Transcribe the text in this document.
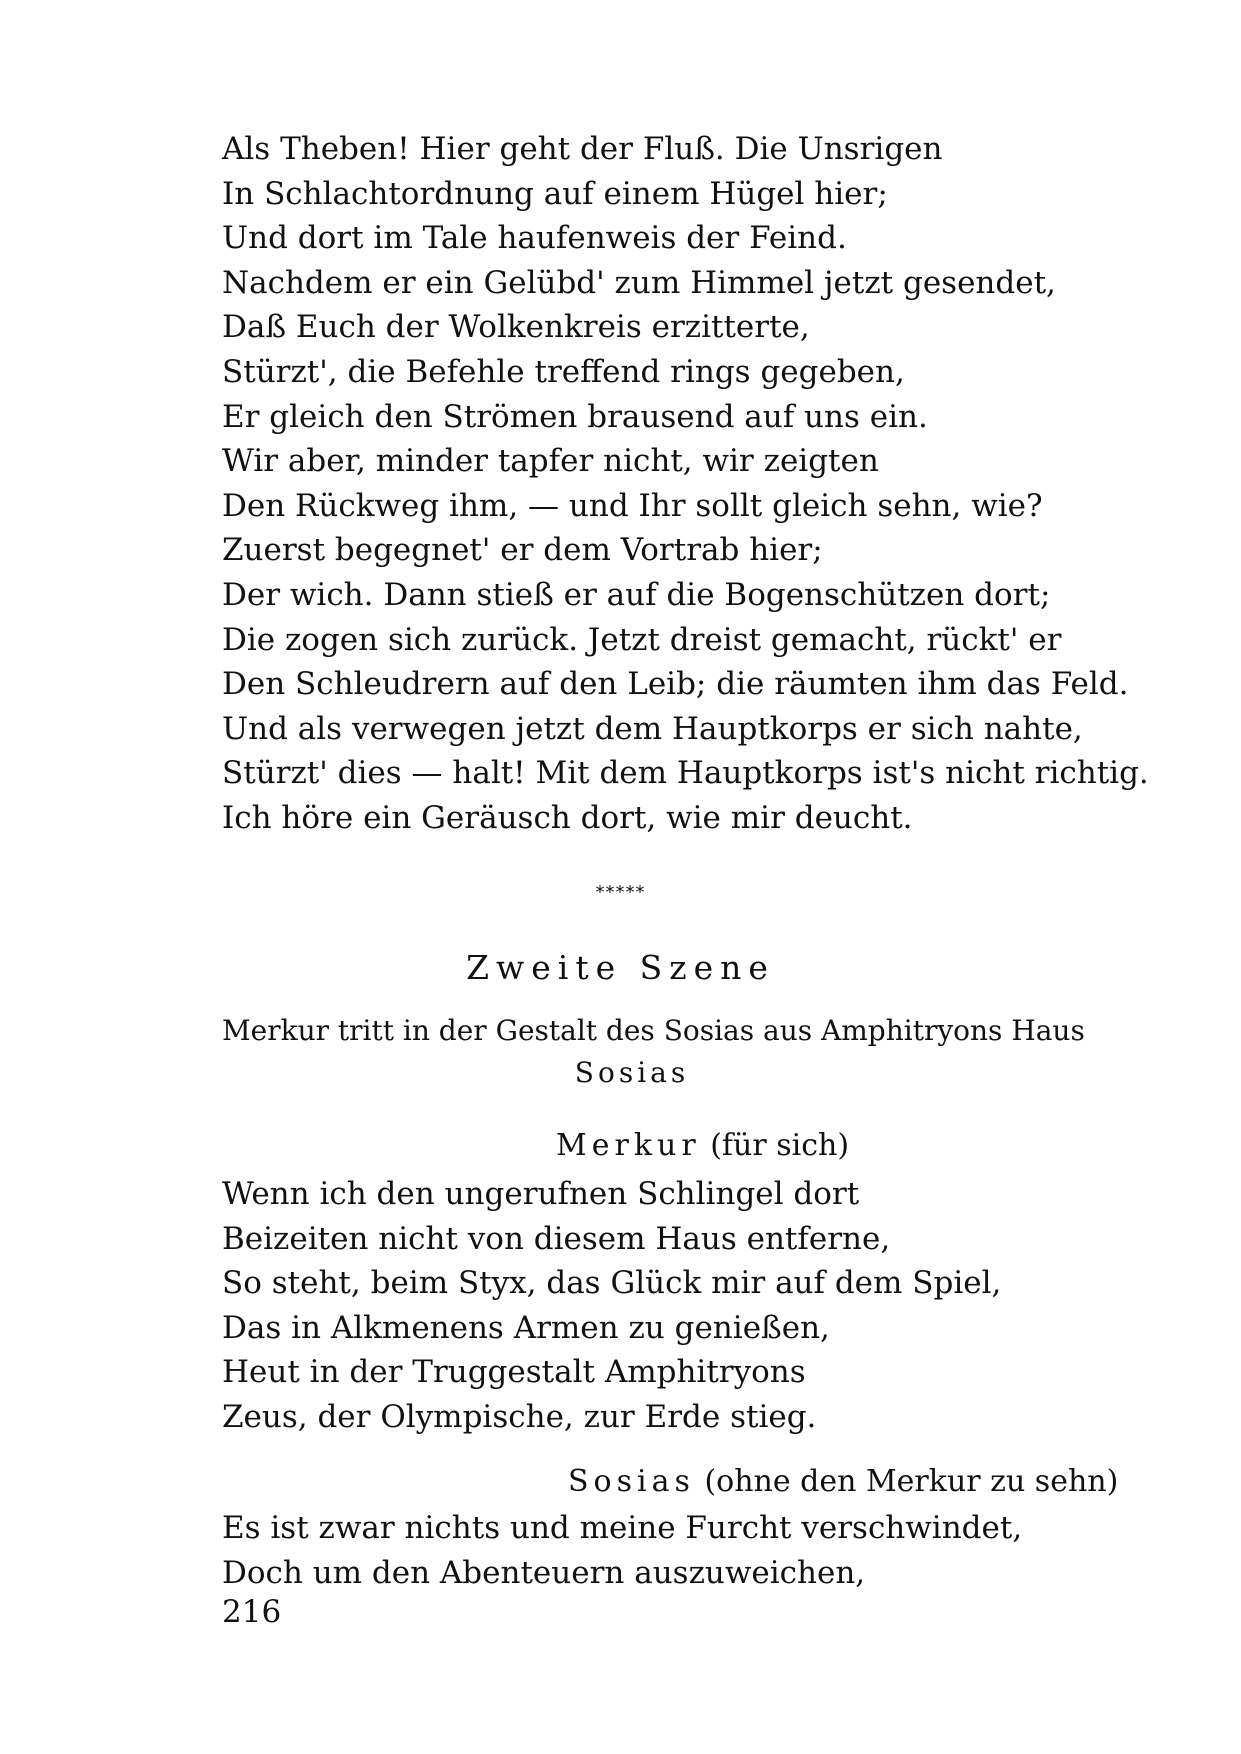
Als Theben! Hier geht der Fluß. Die Unsrigen
In Schlachtordnung auf einem Hügel hier;
Und dort im Tale haufenweis der Feind.
Nachdem er ein Gelübd' zum Himmel jetzt gesendet,
Daß Euch der Wolkenkreis erzitterte,
Stürzt', die Befehle treffend rings gegeben,
Er gleich den Strömen brausend auf uns ein.
Wir aber, minder tapfer nicht, wir zeigten
Den Rückweg ihm, — und Ihr sollt gleich sehn, wie?
Zuerst begegnet' er dem Vortrab hier;
Der wich. Dann stieß er auf die Bogenschützen dort;
Die zogen sich zurück. Jetzt dreist gemacht, rückt' er
Den Schleudrern auf den Leib; die räumten ihm das Feld.
Und als verwegen jetzt dem Hauptkorps er sich nahte,
Stürzt' dies — halt! Mit dem Hauptkorps ist's nicht richtig.
Ich höre ein Geräusch dort, wie mir deucht.
*****
Zweite Szene
Merkur tritt in der Gestalt des Sosias aus Amphitryons Haus
Sosias
Merkur (für sich)
Wenn ich den ungerufnen Schlingel dort
Beizeiten nicht von diesem Haus entferne,
So steht, beim Styx, das Glück mir auf dem Spiel,
Das in Alkmenens Armen zu genießen,
Heut in der Truggestalt Amphitryons
Zeus, der Olympische, zur Erde stieg.
Sosias (ohne den Merkur zu sehn)
Es ist zwar nichts und meine Furcht verschwindet,
Doch um den Abenteuern auszuweichen,
216
